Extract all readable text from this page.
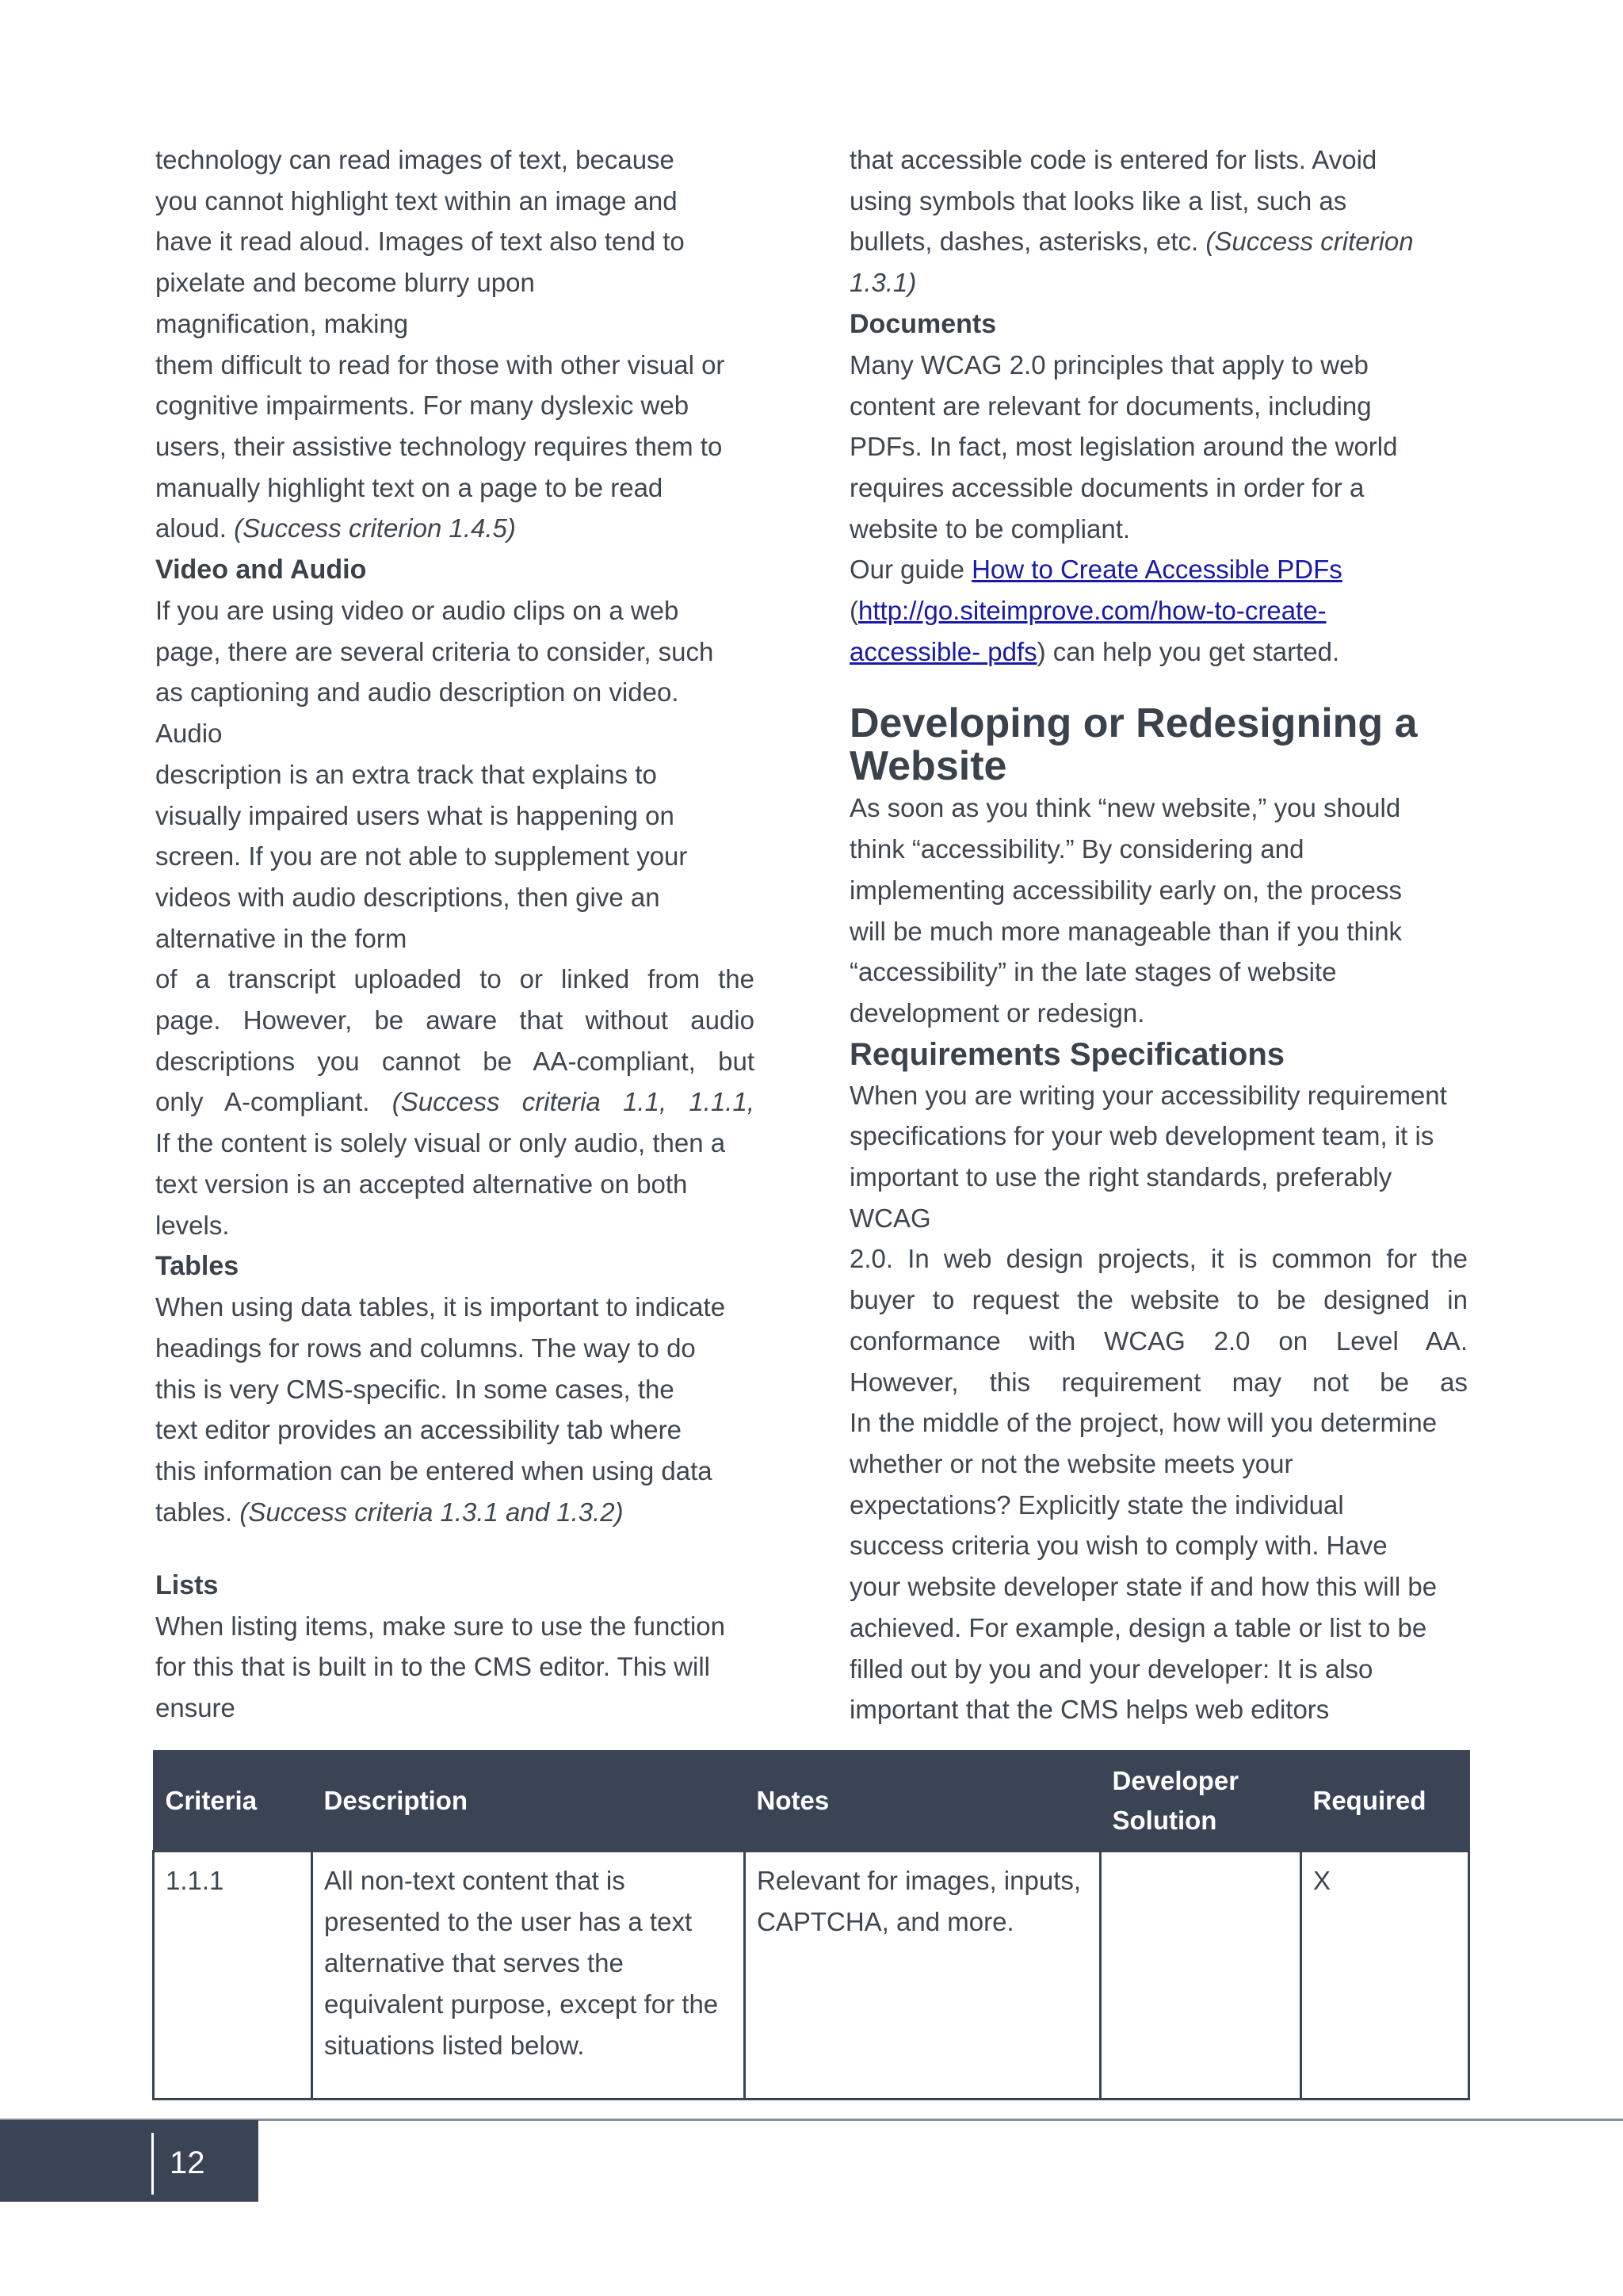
technology can read images of text, because
you cannot highlight text within an image and
have it read aloud. Images of text also tend to
pixelate and become blurry upon
magnification, making
them difficult to read for those with other visual or
cognitive impairments. For many dyslexic web
users, their assistive technology requires them to
manually highlight text on a page to be read
aloud. (Success criterion 1.4.5)
Video and Audio
If you are using video or audio clips on a web
page, there are several criteria to consider, such
as captioning and audio description on video.
Audio
description is an extra track that explains to
visually impaired users what is happening on
screen. If you are not able to supplement your
videos with audio descriptions, then give an
alternative in the form
of a transcript uploaded to or linked from the
page. However, be aware that without audio
descriptions you cannot be AA-compliant, but
only A-compliant. (Success criteria 1.1, 1.1.1,
If the content is solely visual or only audio, then a
text version is an accepted alternative on both
levels.
Tables
When using data tables, it is important to indicate
headings for rows and columns. The way to do
this is very CMS-specific. In some cases, the
text editor provides an accessibility tab where
this information can be entered when using data
tables. (Success criteria 1.3.1 and 1.3.2)
Lists
When listing items, make sure to use the function
for this that is built in to the CMS editor. This will
ensure
that accessible code is entered for lists. Avoid
using symbols that looks like a list, such as
bullets, dashes, asterisks, etc. (Success criterion
1.3.1)
Documents
Many WCAG 2.0 principles that apply to web
content are relevant for documents, including
PDFs. In fact, most legislation around the world
requires accessible documents in order for a
website to be compliant.
Our guide How to Create Accessible PDFs
(http://go.siteimprove.com/how-to-create-
accessible- pdfs) can help you get started.
Developing or Redesigning a Website
As soon as you think “new website,” you should
think “accessibility.” By considering and
implementing accessibility early on, the process
will be much more manageable than if you think
“accessibility” in the late stages of website
development or redesign.
Requirements Specifications
When you are writing your accessibility requirement
specifications for your web development team, it is
important to use the right standards, preferably
WCAG
2.0. In web design projects, it is common for the
buyer to request the website to be designed in
conformance with WCAG 2.0 on Level AA.
However, this requirement may not be as
In the middle of the project, how will you determine
whether or not the website meets your
expectations? Explicitly state the individual
success criteria you wish to comply with. Have
your website developer state if and how this will be
achieved. For example, design a table or list to be
filled out by you and your developer: It is also
important that the CMS helps web editors
Criteria	Description	Notes	Developer Solution	Required
1.1.1	All non-text content that is presented to the user has a text alternative that serves the equivalent purpose, except for the situations listed below.	Relevant for images, inputs, CAPTCHA, and more.		X
12
